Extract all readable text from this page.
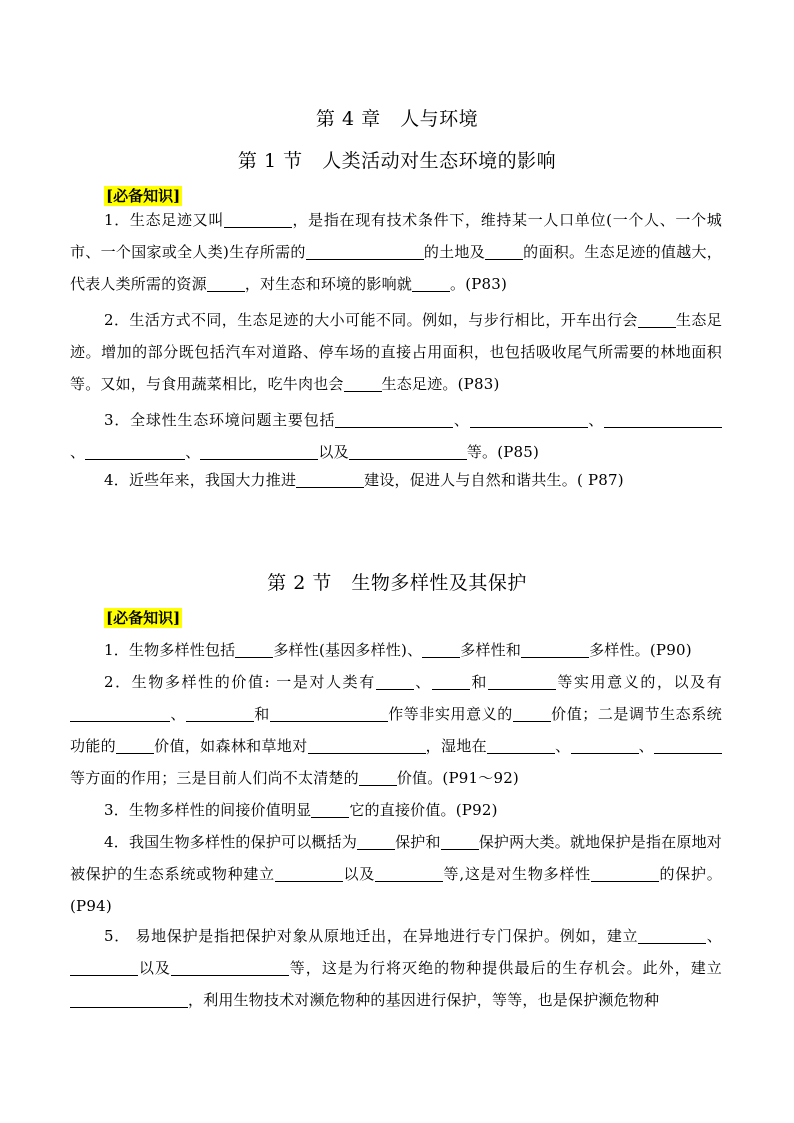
第 4 章　人与环境
第 1 节　人类活动对生态环境的影响
[必备知识]

1．生态足迹又叫	，是指在现有技术条件下，维持某一人口单位(一个人、一个城市、一个国家或全人类)生存所需的	的土地及	的面积。生态足迹的值越大，代表人类所需的资源	，对生态和环境的影响就	。(P83)

2．生活方式不同，生态足迹的大小可能不同。例如，与步行相比，开车出行会	生态足迹。增加的部分既包括汽车对道路、停车场的直接占用面积，也包括吸收尾气所需要的林地面积等。又如，与食用蔬菜相比，吃牛肉也会	生态足迹。(P83)

3．全球性生态环境问题主要包括	、	、、	、	以及	等。(P85)

4．近些年来，我国大力推进	建设，促进人与自然和谐共生。( P87)

第 2 节　生物多样性及其保护
[必备知识]

1．生物多样性包括	多样性(基因多样性)、	多样性和	多样性。(P90)

2．生物多样性的价值: 一是对人类有	、	和	等实用意义的，以及有、	和	作等非实用意义的	价值；二是调节生态系统功能的	价值，如森林和草地对	，湿地在	、	、等方面的作用；三是目前人们尚不太清楚的	价值。(P91～92)

3．生物多样性的间接价值明显	它的直接价值。(P92)

4．我国生物多样性的保护可以概括为	保护和	保护两大类。就地保护是指在原地对被保护的生态系统或物种建立	以及	等,这是对生物多样性	的保护。(P94)

5． 易地保护是指把保护对象从原地迁出，在异地进行专门保护。例如，建立	、以及	等，这是为行将灭绝的物种提供最后的生存机会。此外，建立，利用生物技术对濒危物种的基因进行保护，等等，也是保护濒危物种
